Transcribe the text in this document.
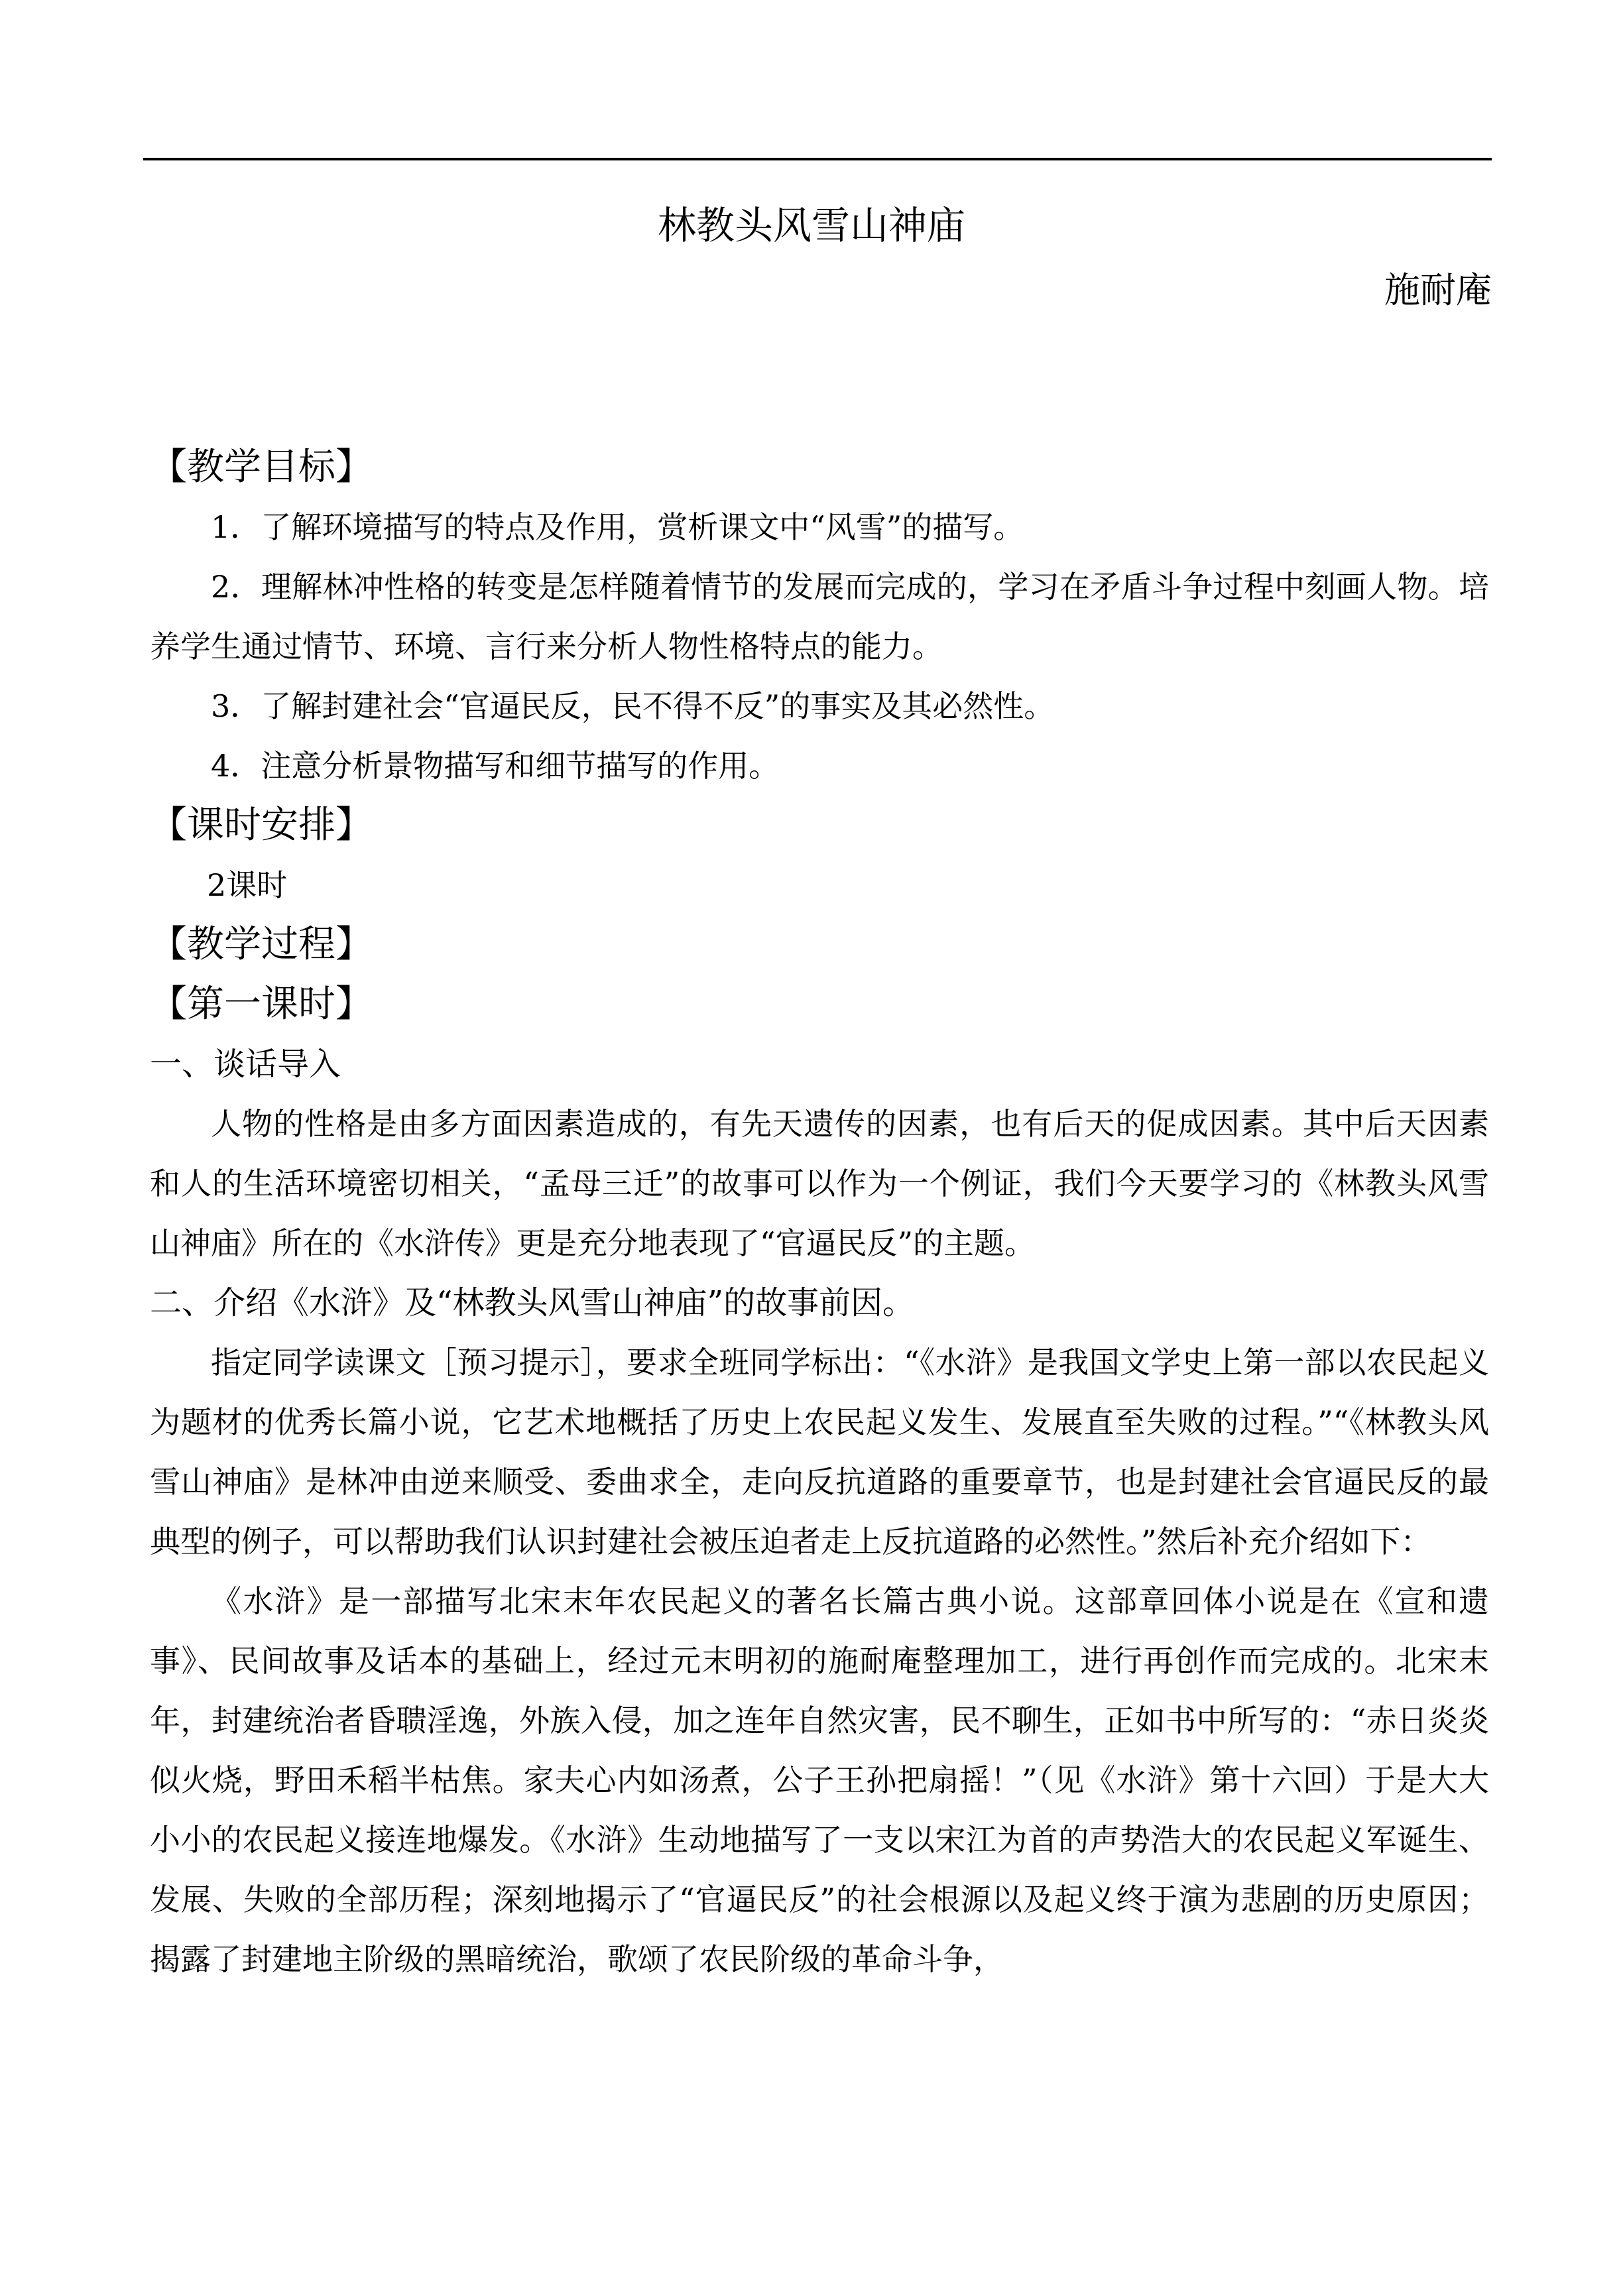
林教头风雪山神庙
施耐庵

【教学目标】

1．了解环境描写的特点及作用，赏析课文中“风雪”的描写。

2．理解林冲性格的转变是怎样随着情节的发展而完成的，学习在矛盾斗争过程中刻画人物。培养学生通过情节、环境、言行来分析人物性格特点的能力。

3．了解封建社会“官逼民反，民不得不反”的事实及其必然性。

4．注意分析景物描写和细节描写的作用。

【课时安排】

2课时

【教学过程】

【第一课时】

一、谈话导入

人物的性格是由多方面因素造成的，有先天遗传的因素，也有后天的促成因素。其中后天因素和人的生活环境密切相关，“孟母三迁”的故事可以作为一个例证，我们今天要学习的《林教头风雪山神庙》所在的《水浒传》更是充分地表现了“官逼民反”的主题。

二、介绍《水浒》及“林教头风雪山神庙”的故事前因。

指定同学读课文［预习提示］，要求全班同学标出：“《水浒》是我国文学史上第一部以农民起义为题材的优秀长篇小说，它艺术地概括了历史上农民起义发生、发展直至失败的过程。”“《林教头风雪山神庙》是林冲由逆来顺受、委曲求全，走向反抗道路的重要章节，也是封建社会官逼民反的最典型的例子，可以帮助我们认识封建社会被压迫者走上反抗道路的必然性。”然后补充介绍如下：

《水浒》是一部描写北宋末年农民起义的著名长篇古典小说。这部章回体小说是在《宣和遗事》、民间故事及话本的基础上，经过元末明初的施耐庵整理加工，进行再创作而完成的。北宋末年，封建统治者昏聩淫逸，外族入侵，加之连年自然灾害，民不聊生，正如书中所写的：“赤日炎炎似火烧，野田禾稻半枯焦。家夫心内如汤煮，公子王孙把扇摇！”（见《水浒》第十六回）于是大大小小的农民起义接连地爆发。《水浒》生动地描写了一支以宋江为首的声势浩大的农民起义军诞生、发展、失败的全部历程；深刻地揭示了“官逼民反”的社会根源以及起义终于演为悲剧的历史原因；揭露了封建地主阶级的黑暗统治，歌颂了农民阶级的革命斗争，
